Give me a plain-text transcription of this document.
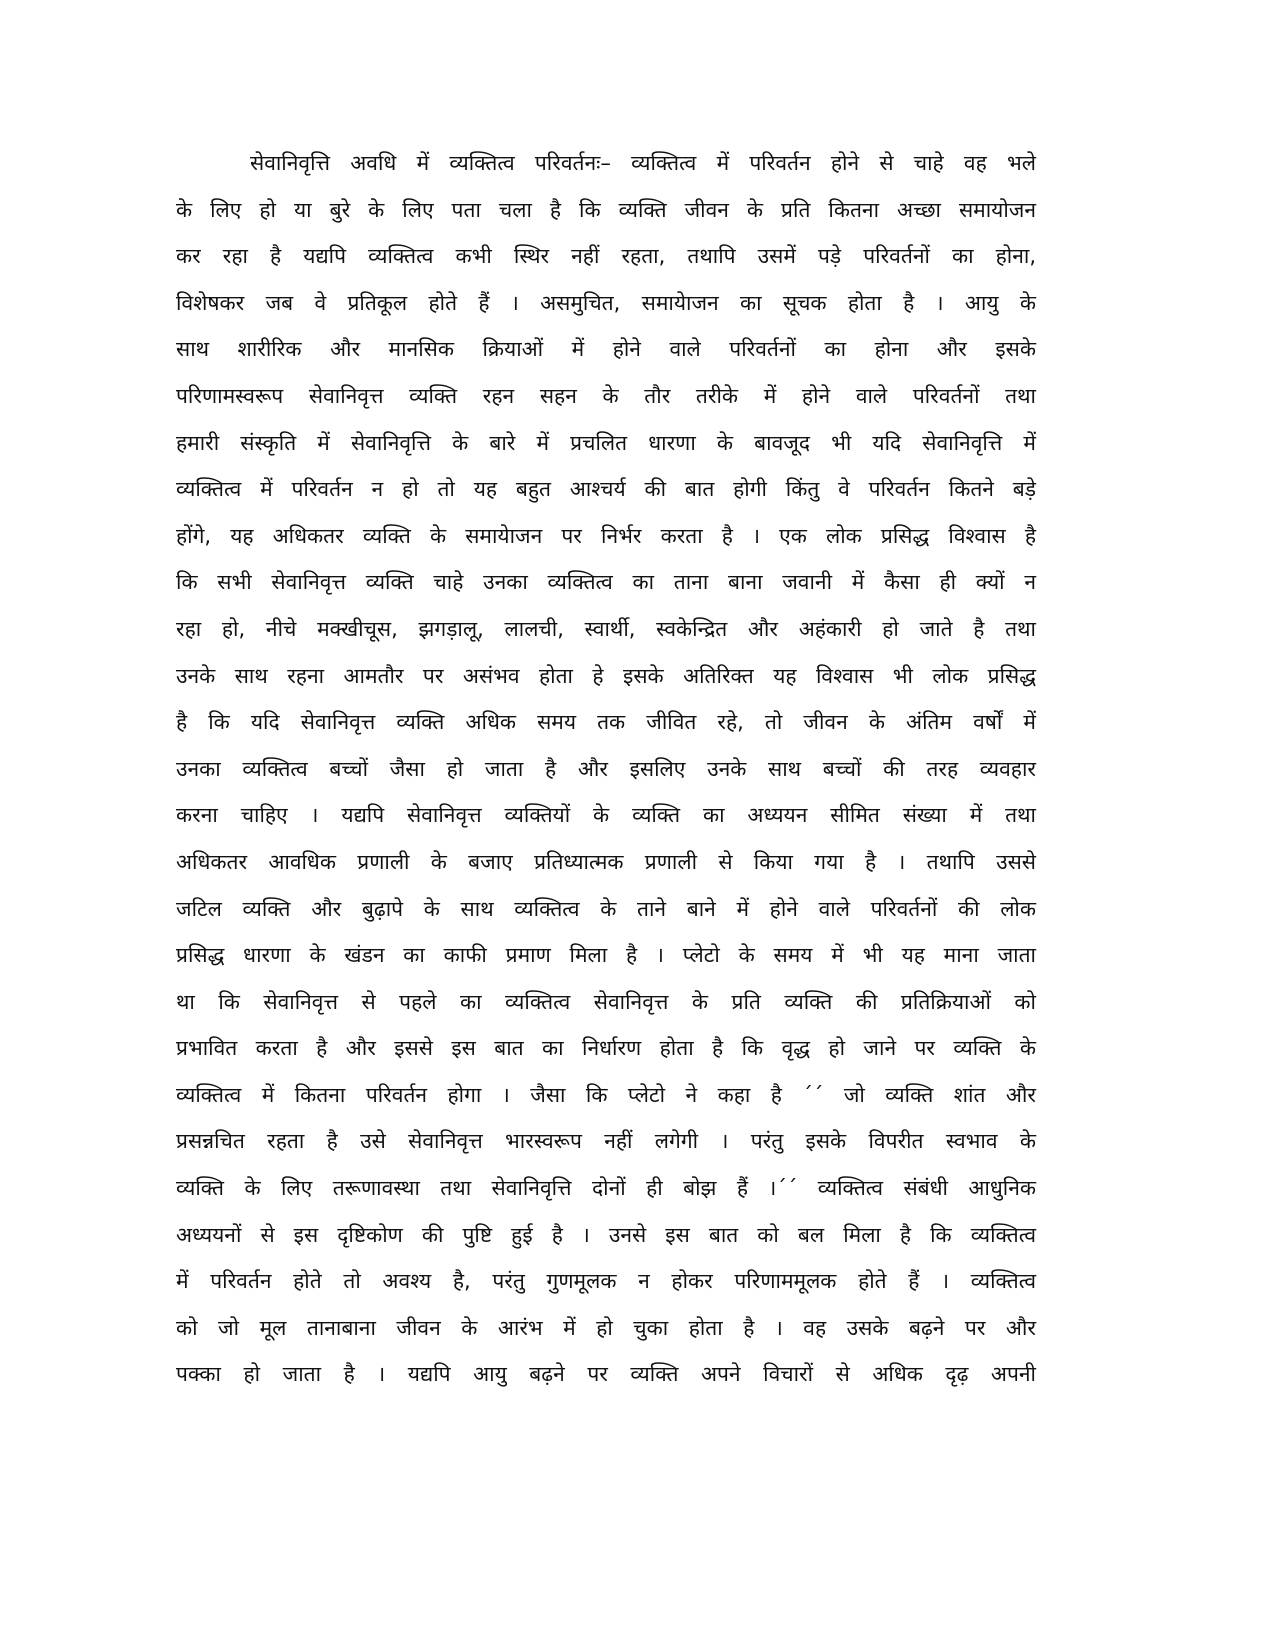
सेवानिवृत्ति अवधि में व्यक्तित्व परिवर्तनः– व्यक्तित्व में परिवर्तन होने से चाहे वह भले
के लिए हो या बुरे के लिए पता चला है कि व्यक्ति जीवन के प्रति कितना अच्छा समायोजन
कर रहा है यद्यपि व्यक्तित्व कभी स्थिर नहीं रहता, तथापि उसमें पड़े परिवर्तनों का होना,
विशेषकर जब वे प्रतिकूल होते हैं । असमुचित, समायेाजन का सूचक होता है । आयु के
साथ शारीरिक और मानसिक क्रियाओं में होने वाले परिवर्तनों का होना और इसके
परिणामस्वरूप सेवानिवृत्त व्यक्ति रहन सहन के तौर तरीके में होने वाले परिवर्तनों तथा
हमारी संस्कृति में सेवानिवृत्ति के बारे में प्रचलित धारणा के बावजूद भी यदि सेवानिवृत्ति में
व्यक्तित्व में परिवर्तन न हो तो यह बहुत आश्चर्य की बात होगी किंतु वे परिवर्तन कितने बड़े
होंगे, यह अधिकतर व्यक्ति के समायेाजन पर निर्भर करता है । एक लोक प्रसिद्ध विश्वास है
कि सभी सेवानिवृत्त व्यक्ति चाहे उनका व्यक्तित्व का ताना बाना जवानी में कैसा ही क्यों न
रहा हो, नीचे मक्खीचूस, झगड़ालू, लालची, स्वार्थी, स्वकेन्द्रित और अहंकारी हो जाते है तथा
उनके साथ रहना आमतौर पर असंभव होता हे इसके अतिरिक्त यह विश्वास भी लोक प्रसिद्ध
है कि यदि सेवानिवृत्त व्यक्ति अधिक समय तक जीवित रहे, तो जीवन के अंतिम वर्षों में
उनका व्यक्तित्व बच्चों जैसा हो जाता है और इसलिए उनके साथ बच्चों की तरह व्यवहार
करना चाहिए । यद्यपि सेवानिवृत्त व्यक्तियों के व्यक्ति का अध्ययन सीमित संख्या में तथा
अधिकतर आवधिक प्रणाली के बजाए प्रतिध्यात्मक प्रणाली से किया गया है । तथापि उससे
जटिल व्यक्ति और बुढ़ापे के साथ व्यक्तित्व के ताने बाने में होने वाले परिवर्तनों की लोक
प्रसिद्ध धारणा के खंडन का काफी प्रमाण मिला है । प्लेटो के समय में भी यह माना जाता
था कि सेवानिवृत्त से पहले का व्यक्तित्व सेवानिवृत्त के प्रति व्यक्ति की प्रतिक्रियाओं को
प्रभावित करता है और इससे इस बात का निर्धारण होता है कि वृद्ध हो जाने पर व्यक्ति के
व्यक्तित्व में कितना परिवर्तन होगा । जैसा कि प्लेटो ने कहा है ´´ जो व्यक्ति शांत और
प्रसन्नचित रहता है उसे सेवानिवृत्त भारस्वरूप नहीं लगेगी । परंतु इसके विपरीत स्वभाव के
व्यक्ति के लिए तरूणावस्था तथा सेवानिवृत्ति दोनों ही बोझ हैं ।´´ व्यक्तित्व संबंधी आधुनिक
अध्ययनों से इस दृष्टिकोण की पुष्टि हुई है । उनसे इस बात को बल मिला है कि व्यक्तित्व
में परिवर्तन होते तो अवश्य है, परंतु गुणमूलक न होकर परिणाममूलक होते हैं । व्यक्तित्व
को जो मूल तानाबाना जीवन के आरंभ में हो चुका होता है । वह उसके बढ़ने पर और
पक्का हो जाता है । यद्यपि आयु बढ़ने पर व्यक्ति अपने विचारों से अधिक दृढ़ अपनी
